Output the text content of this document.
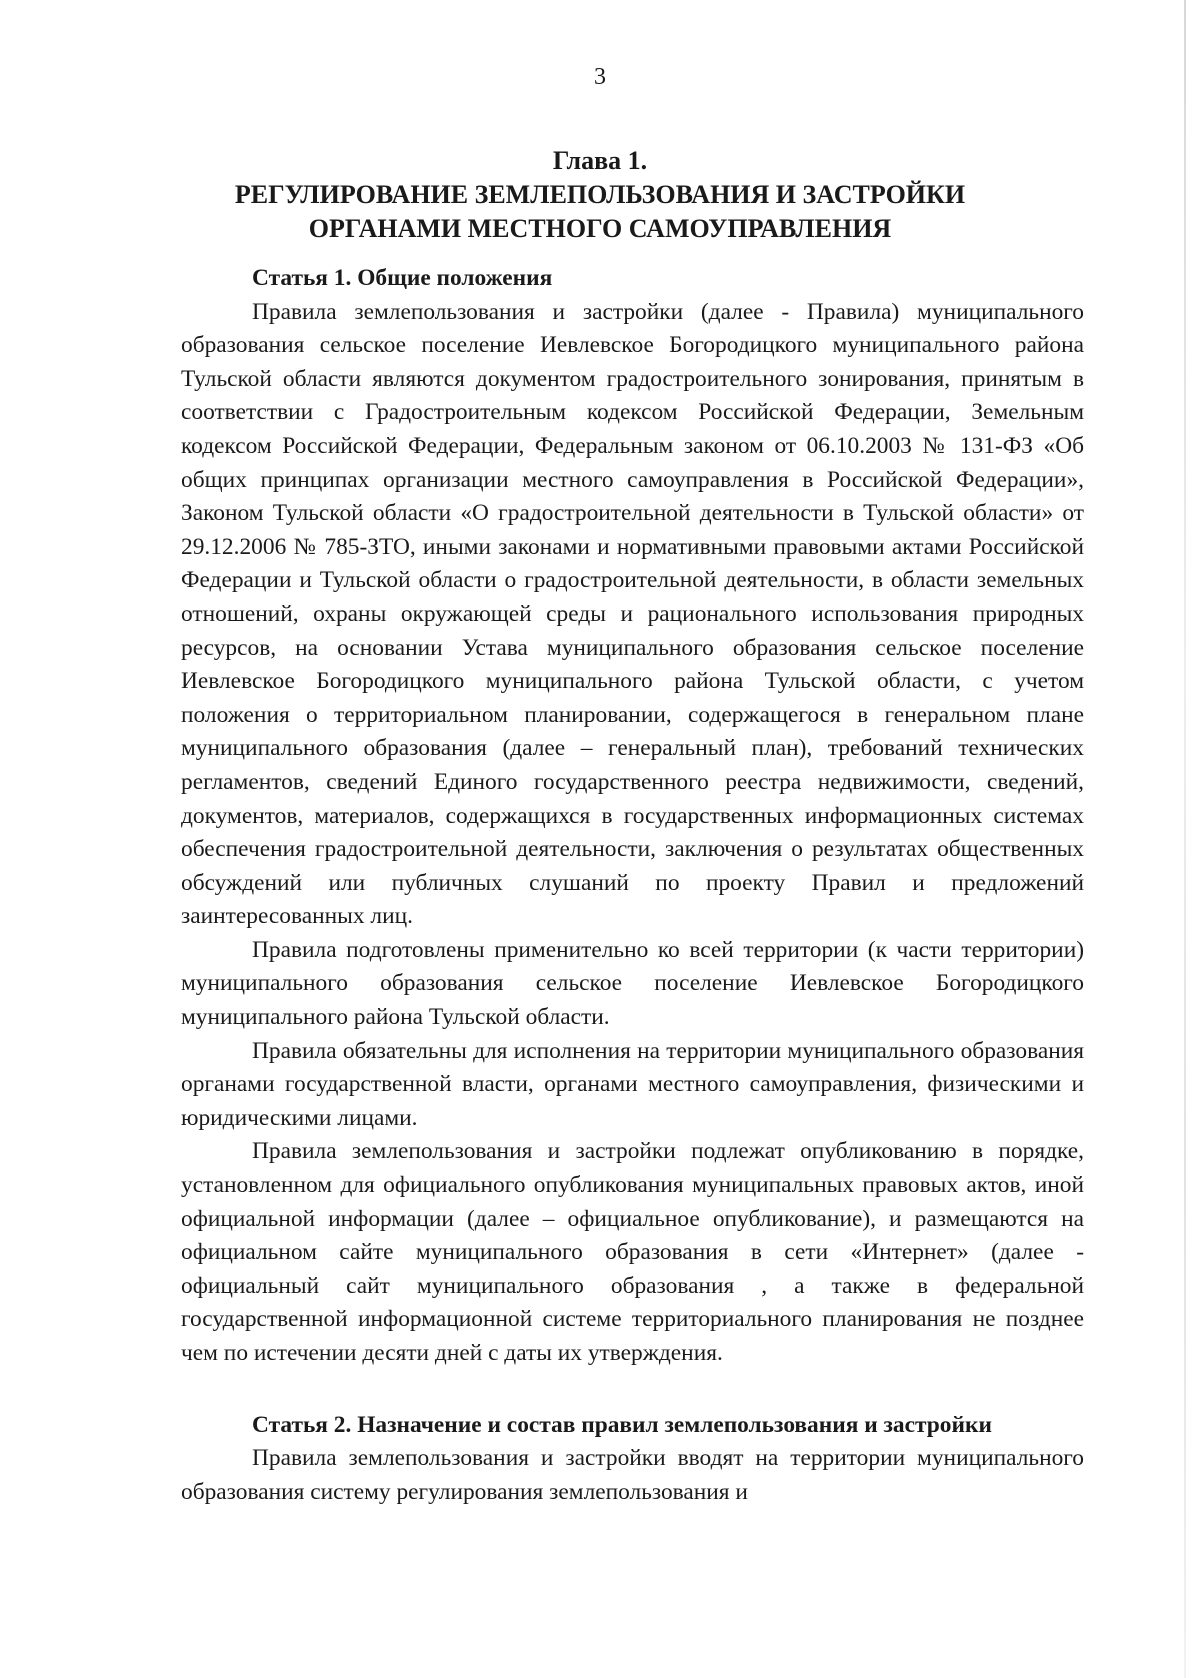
3

Глава 1.
РЕГУЛИРОВАНИЕ ЗЕМЛЕПОЛЬЗОВАНИЯ И ЗАСТРОЙКИ
ОРГАНАМИ МЕСТНОГО САМОУПРАВЛЕНИЯ

Статья 1. Общие положения

Правила землепользования и застройки (далее - Правила) муниципального образования сельское поселение Иевлевское Богородицкого муниципального района Тульской области являются документом градостроительного зонирования, принятым в соответствии с Градостроительным кодексом Российской Федерации, Земельным кодексом Российской Федерации, Федеральным законом от 06.10.2003 № 131-ФЗ «Об общих принципах организации местного самоуправления в Российской Федерации», Законом Тульской области «О градостроительной деятельности в Тульской области» от 29.12.2006 № 785-ЗТО, иными законами и нормативными правовыми актами Российской Федерации и Тульской области о градостроительной деятельности, в области земельных отношений, охраны окружающей среды и рационального использования природных ресурсов, на основании Устава муниципального образования сельское поселение Иевлевское Богородицкого муниципального района Тульской области, с учетом положения о территориальном планировании, содержащегося в генеральном плане муниципального образования (далее – генеральный план), требований технических регламентов, сведений Единого государственного реестра недвижимости, сведений, документов, материалов, содержащихся в государственных информационных системах обеспечения градостроительной деятельности, заключения о результатах общественных обсуждений или публичных слушаний по проекту Правил и предложений заинтересованных лиц.

Правила подготовлены применительно ко всей территории (к части территории) муниципального образования сельское поселение Иевлевское Богородицкого муниципального района Тульской области.

Правила обязательны для исполнения на территории муниципального образования органами государственной власти, органами местного самоуправления, физическими и юридическими лицами.

Правила землепользования и застройки подлежат опубликованию в порядке, установленном для официального опубликования муниципальных правовых актов, иной официальной информации (далее – официальное опубликование), и размещаются на официальном сайте муниципального образования в сети «Интернет» (далее - официальный сайт муниципального образования , а также в федеральной государственной информационной системе территориального планирования не позднее чем по истечении десяти дней с даты их утверждения.

Статья 2. Назначение и состав правил землепользования и застройки

Правила землепользования и застройки вводят на территории муниципального образования систему регулирования землепользования и
